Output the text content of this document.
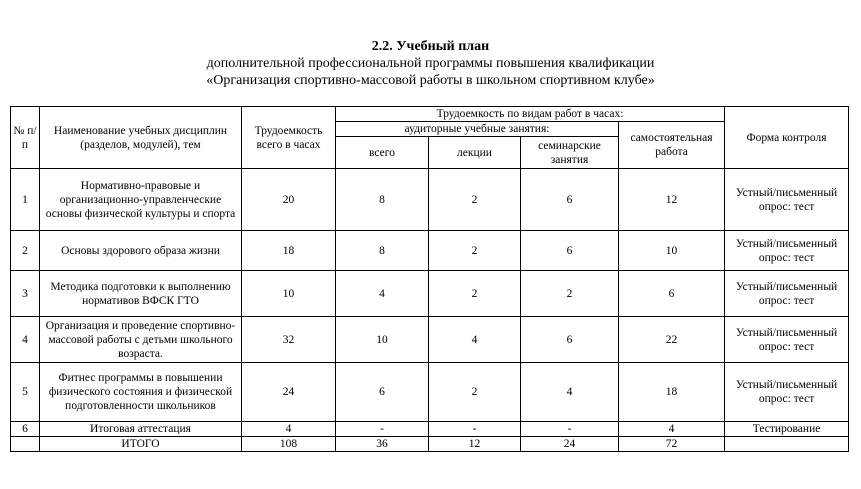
2.2. Учебный план
дополнительной профессиональной программы повышения квалификации
«Организация спортивно-массовой работы в школьном спортивном клубе»
№ п/п	Наименование учебных дисциплин (разделов, модулей), тем	Трудоемкость всего в часах	Трудоемкость по видам работ в часах:				Форма контроля
			аудиторные учебные занятия:			самостоятельная работа	
			всего	лекции	семинарские занятия		
1	Нормативно-правовые и организационно-управленческие основы физической культуры и спорта	20	8	2	6	12	Устный/письменный опрос: тест
2	Основы здорового образа жизни	18	8	2	6	10	Устный/письменный опрос: тест
3	Методика подготовки к выполнению нормативов ВФСК ГТО	10	4	2	2	6	Устный/письменный опрос: тест
4	Организация и проведение спортивно-массовой работы с детьми школьного возраста.	32	10	4	6	22	Устный/письменный опрос: тест
5	Фитнес программы в повышении физического состояния и физической подготовленности школьников	24	6	2	4	18	Устный/письменный опрос: тест
6	Итоговая аттестация	4	-	-	-	4	Тестирование
	ИТОГО	108	36	12	24	72	
